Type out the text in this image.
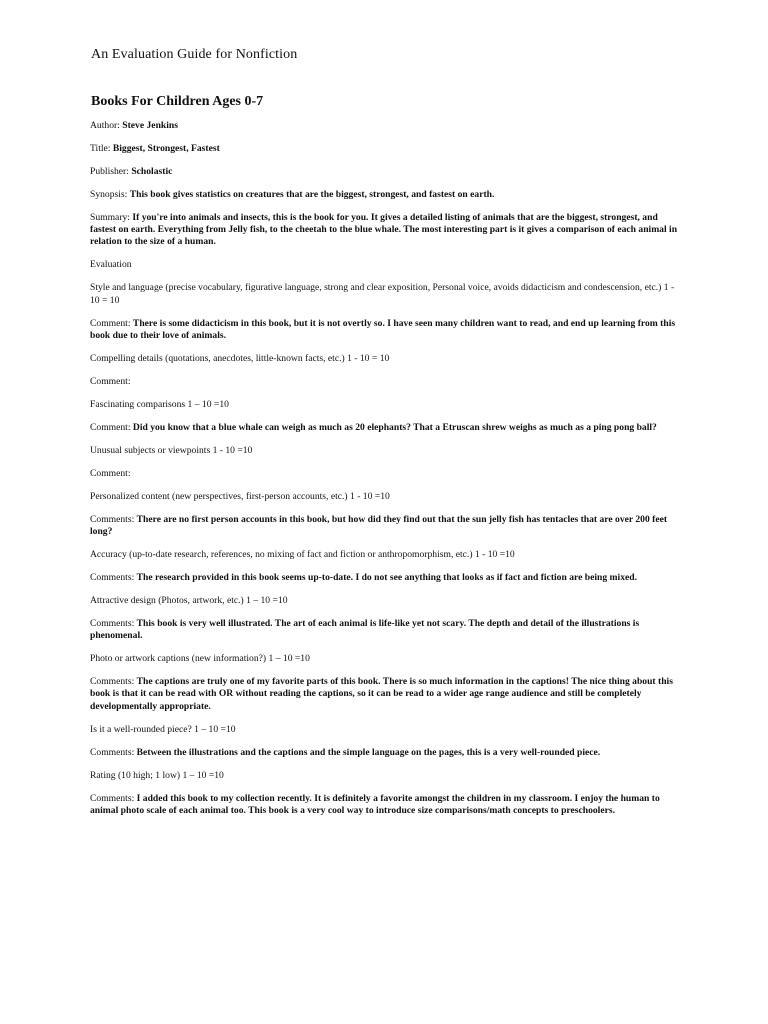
An Evaluation Guide for Nonfiction
Books For Children Ages 0-7

Author: Steve Jenkins

Title: Biggest, Strongest, Fastest

Publisher: Scholastic

Synopsis: This book gives statistics on creatures that are the biggest, strongest, and fastest on earth.

Summary: If you're into animals and insects, this is the book for you. It gives a detailed listing of animals that are the biggest, strongest, and fastest on earth. Everything from Jelly fish, to the cheetah to the blue whale. The most interesting part is it gives a comparison of each animal in relation to the size of a human.

Evaluation

Style and language (precise vocabulary, figurative language, strong and clear exposition, Personal voice, avoids didacticism and condescension, etc.) 1 - 10 = 10

Comment: There is some didacticism in this book, but it is not overtly so. I have seen many children want to read, and end up learning from this book due to their love of animals.

Compelling details (quotations, anecdotes, little-known facts, etc.) 1 - 10 = 10

Comment:

Fascinating comparisons 1 – 10 =10

Comment: Did you know that a blue whale can weigh as much as 20 elephants? That a Etruscan shrew weighs as much as a ping pong ball?

Unusual subjects or viewpoints 1 - 10 =10

Comment:

Personalized content (new perspectives, first-person accounts, etc.) 1 - 10 =10

Comments: There are no first person accounts in this book, but how did they find out that the sun jelly fish has tentacles that are over 200 feet long?

Accuracy (up-to-date research, references, no mixing of fact and fiction or anthropomorphism, etc.) 1 - 10 =10

Comments: The research provided in this book seems up-to-date. I do not see anything that looks as if fact and fiction are being mixed.

Attractive design (Photos, artwork, etc.) 1 – 10 =10

Comments: This book is very well illustrated. The art of each animal is life-like yet not scary. The depth and detail of the illustrations is phenomenal.

Photo or artwork captions (new information?) 1 – 10 =10

Comments: The captions are truly one of my favorite parts of this book. There is so much information in the captions! The nice thing about this book is that it can be read with OR without reading the captions, so it can be read to a wider age range audience and still be completely developmentally appropriate.

Is it a well-rounded piece? 1 – 10 =10

Comments: Between the illustrations and the captions and the simple language on the pages, this is a very well-rounded piece.

Rating (10 high; 1 low) 1 – 10 =10

Comments: I added this book to my collection recently. It is definitely a favorite amongst the children in my classroom. I enjoy the human to animal photo scale of each animal too. This book is a very cool way to introduce size comparisons/math concepts to preschoolers.
